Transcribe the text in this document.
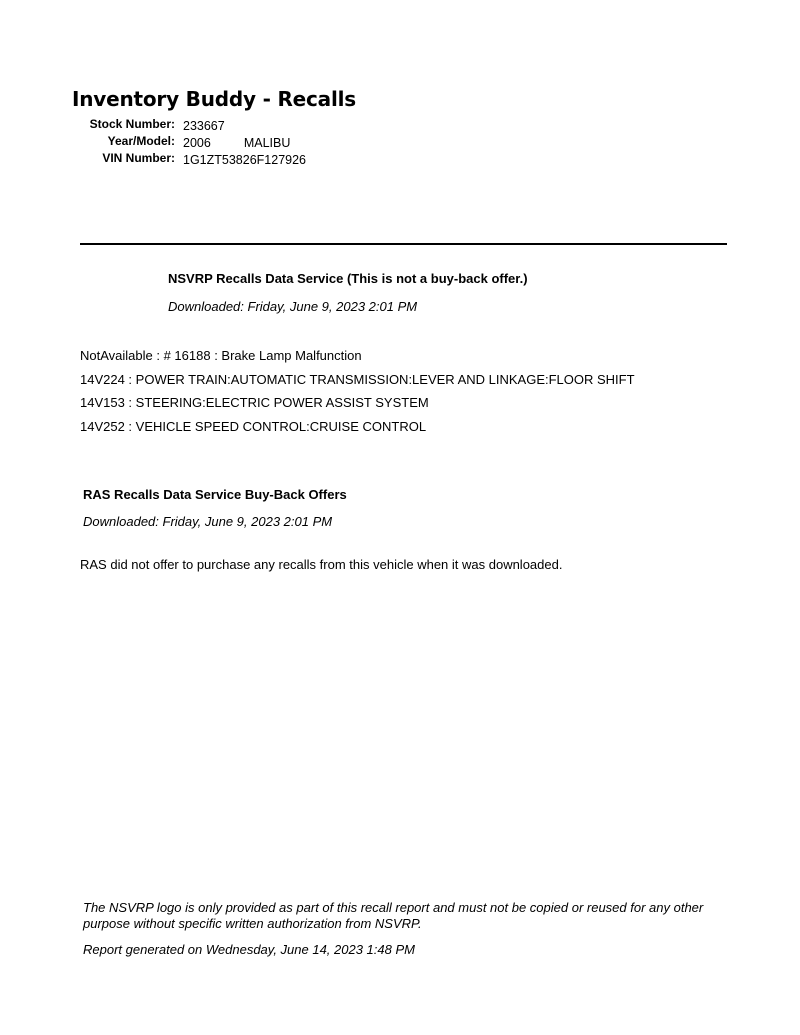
Inventory Buddy - Recalls
Stock Number: 233667
Year/Model: 2006	MALIBU
VIN Number: 1G1ZT53826F127926
NSVRP Recalls Data Service (This is not a buy-back offer.)
Downloaded: Friday, June 9, 2023 2:01 PM
NotAvailable : # 16188 : Brake Lamp Malfunction
14V224 : POWER TRAIN:AUTOMATIC TRANSMISSION:LEVER AND LINKAGE:FLOOR SHIFT
14V153 : STEERING:ELECTRIC POWER ASSIST SYSTEM
14V252 : VEHICLE SPEED CONTROL:CRUISE CONTROL
RAS Recalls Data Service Buy-Back Offers
Downloaded: Friday, June 9, 2023 2:01 PM
RAS did not offer to purchase any recalls from this vehicle when it was downloaded.
The NSVRP logo is only provided as part of this recall report and must not be copied or reused for any other purpose without specific written authorization from NSVRP.
Report generated on Wednesday, June 14, 2023 1:48 PM
